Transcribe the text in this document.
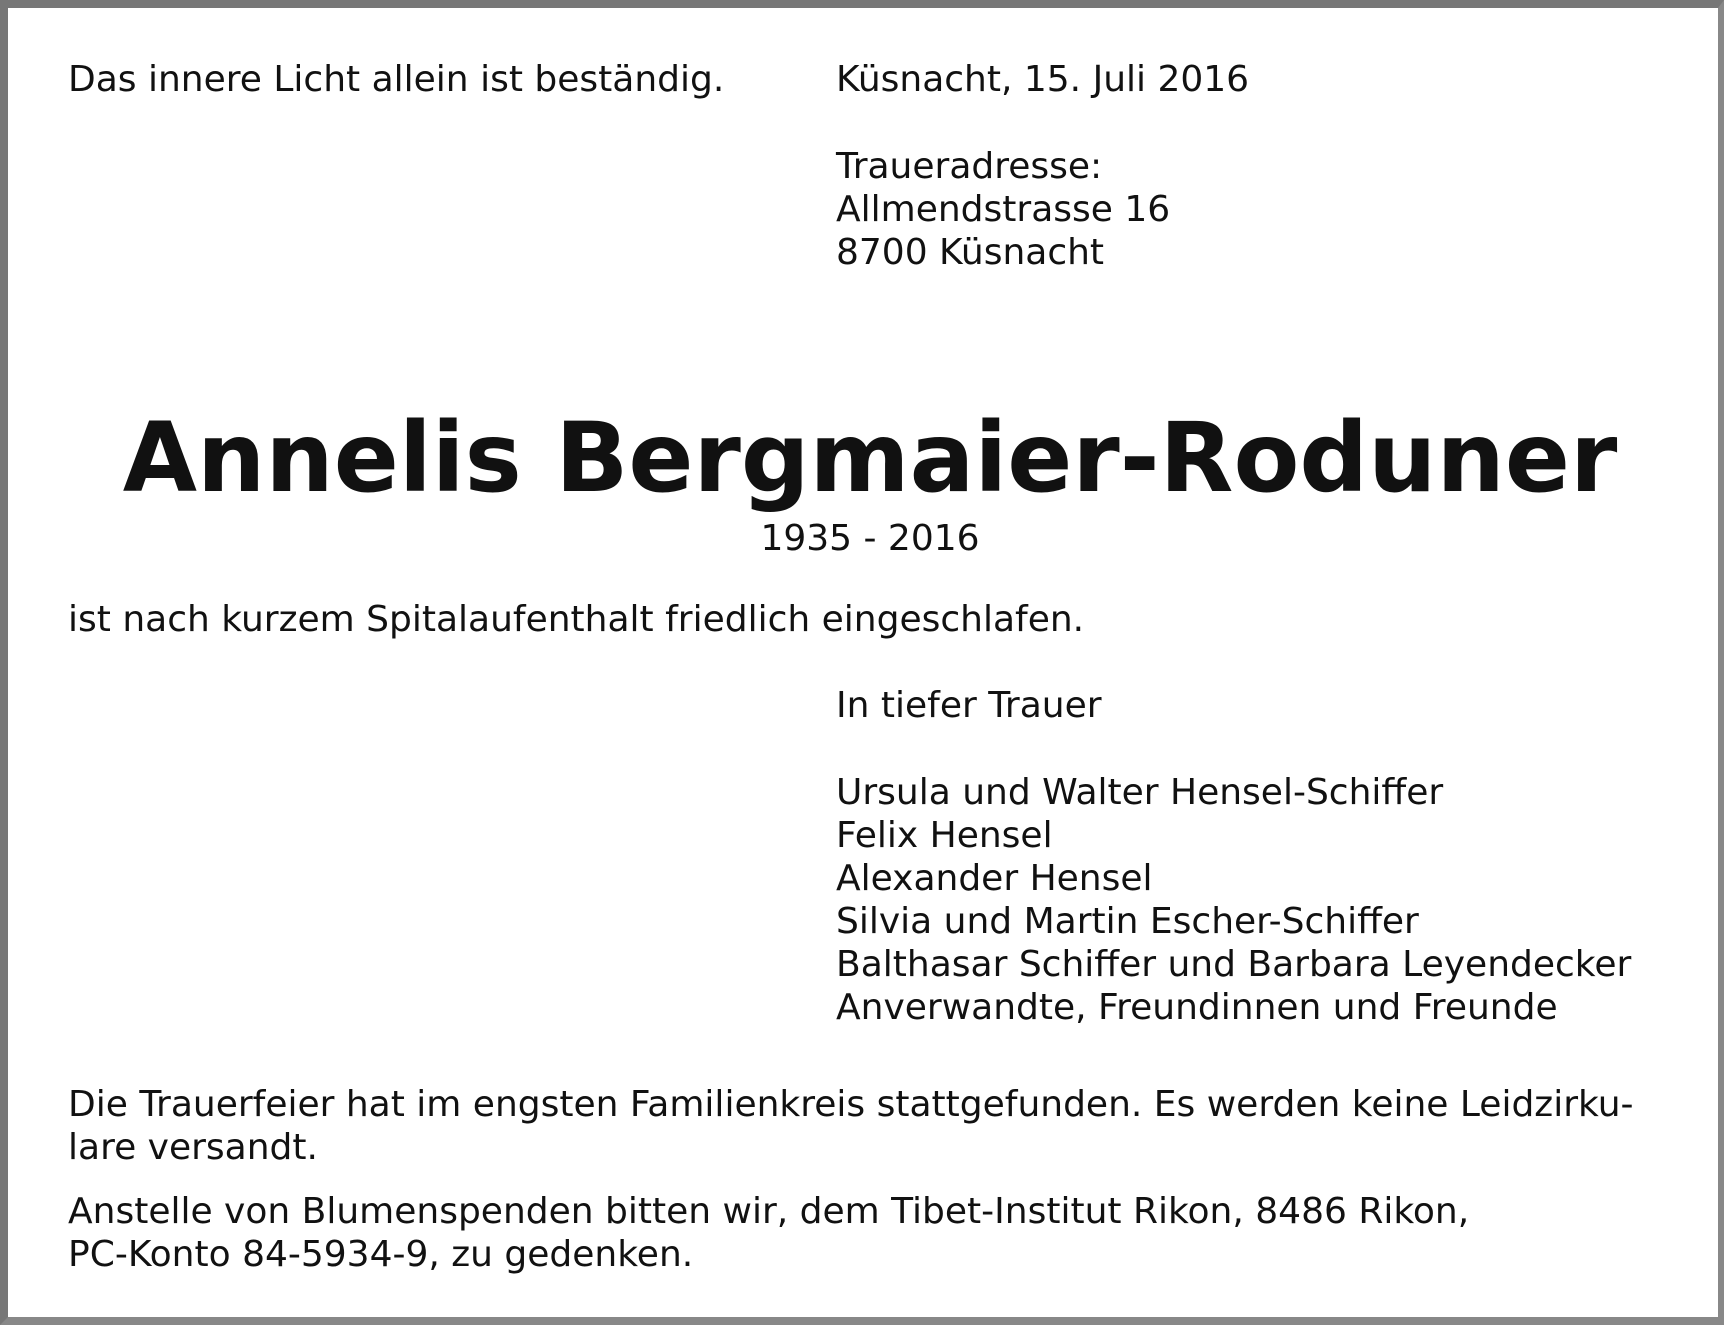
Das innere Licht allein ist beständig.	Küsnacht, 15. Juli 2016

Traueradresse:
Allmendstrasse 16
8700 Küsnacht
Annelis Bergmaier-Roduner

1935 - 2016

ist nach kurzem Spitalaufenthalt friedlich eingeschlafen.

In tiefer Trauer

Ursula und Walter Hensel-Schiffer
Felix Hensel
Alexander Hensel
Silvia und Martin Escher-Schiffer
Balthasar Schiffer und Barbara Leyendecker
Anverwandte, Freundinnen und Freunde
Die Trauerfeier hat im engsten Familienkreis stattgefunden. Es werden keine Leidzirku-
lare versandt.
Anstelle von Blumenspenden bitten wir, dem Tibet-Institut Rikon, 8486 Rikon,
PC-Konto 84-5934-9, zu gedenken.
